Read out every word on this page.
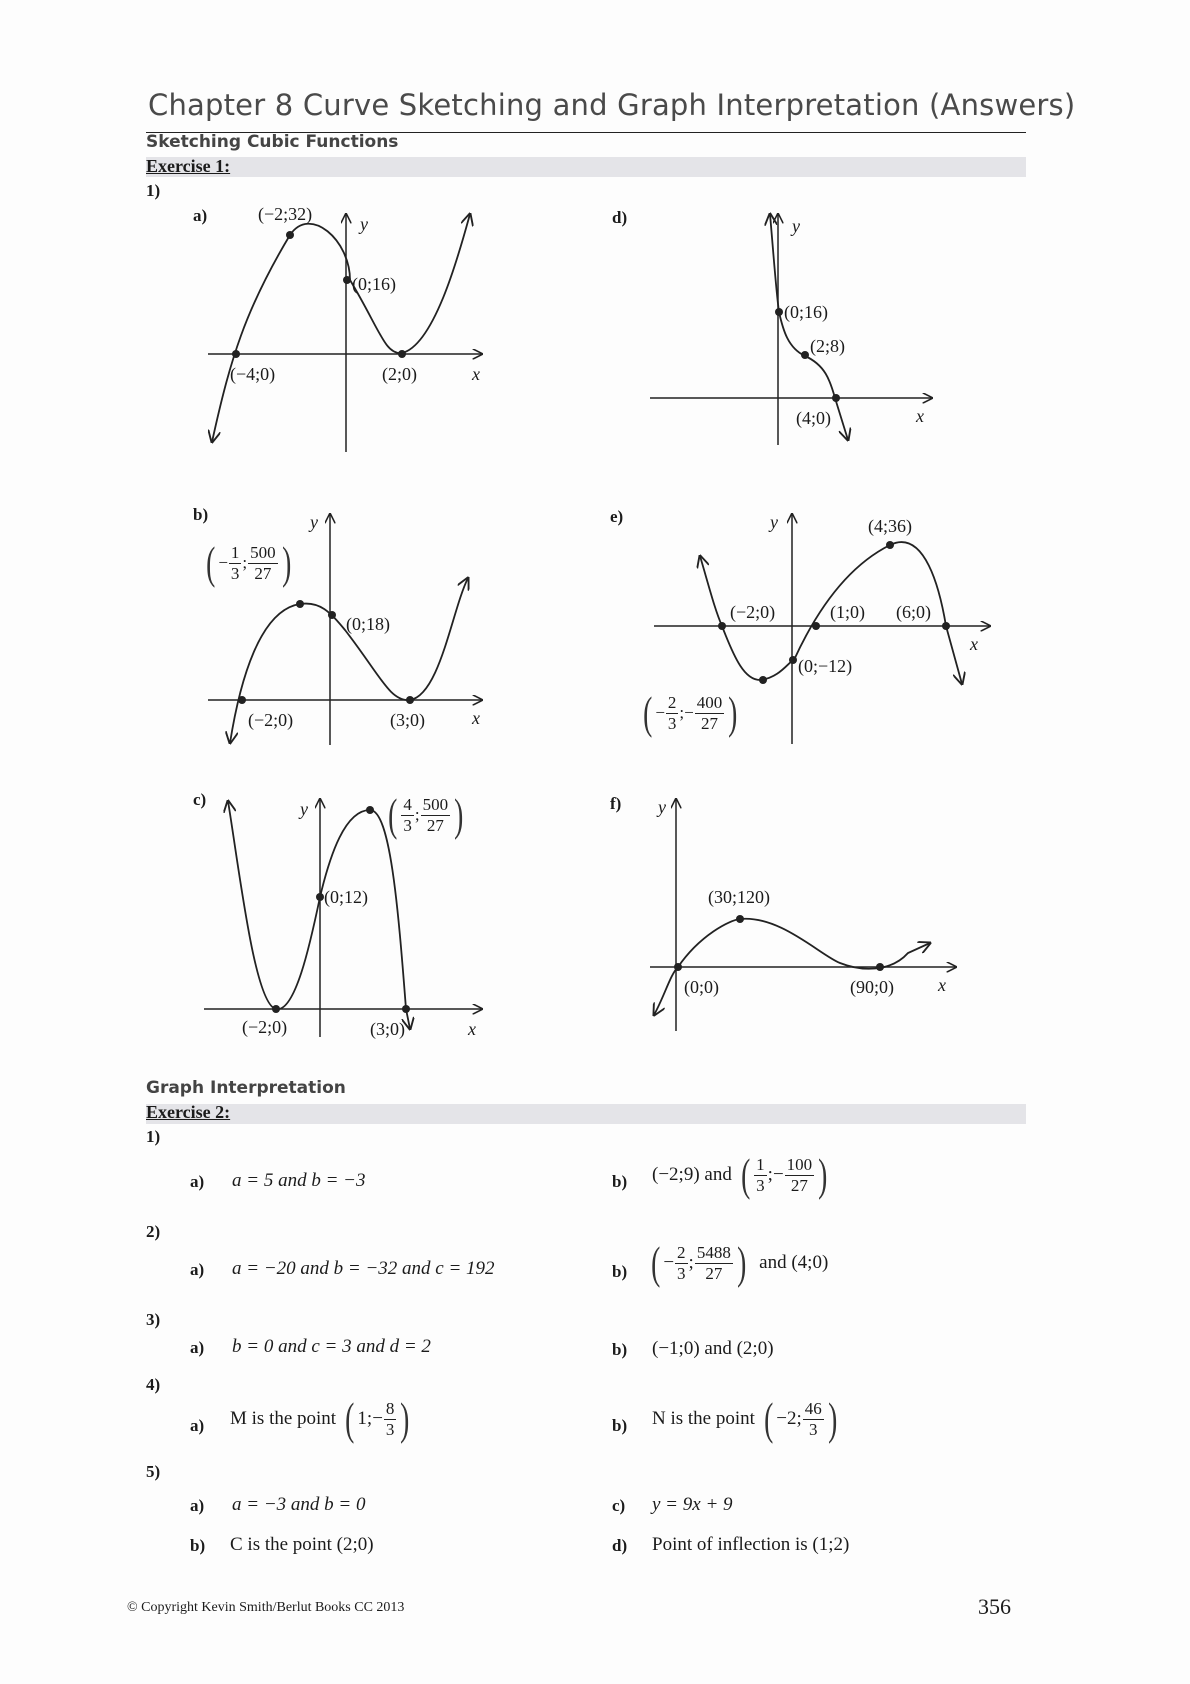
Chapter 8 Curve Sketching and Graph Interpretation (Answers)
Sketching Cubic Functions
Exercise 1:
1)
a)	d)
b)	e)
c)	f)
(−2;32)
(0;16)
(−4;0)	(2;0)
y
x
(0;16)
(2;8)
(4;0)
y
x
(0;18)
(−2;0)	(3;0)
y
x
( − $\frac{1}{3}$ ; $\frac{500}{27}$ )
(4;36)
(−2;0)	(1;0) (6;0)
(0;−12)
y
x
( − $\frac{2}{3}$ ;− $\frac{400}{27}$ )
(0;12)
(−2;0)	(3;0)
y
x
( $\frac{4}{3}$ ; $\frac{500}{27}$ )
(30;120)
(0;0)	(90;0)
y
x
Graph Interpretation
Exercise 2:
1)
a) a = 5 and b = −3	b) (−2;9) and ( $\frac{1}{3}$ ;− $\frac{100}{27}$ )
2)
a) a = −20 and b = −32 and c = 192	b) ( − $\frac{2}{3}$ ; $\frac{5488}{27}$ ) and (4;0)
3)
a) b = 0 and c = 3 and d = 2	b) (−1;0) and (2;0)
4)
a) M is the point ( 1;− $\frac{8}{3}$ )	b) N is the point ( −2; $\frac{46}{3}$ )
5)
a) a = −3 and b = 0	c) y = 9x + 9
b) C is the point (2;0)	d) Point of inflection is (1;2)
© Copyright Kevin Smith/Berlut Books CC 2013	356
